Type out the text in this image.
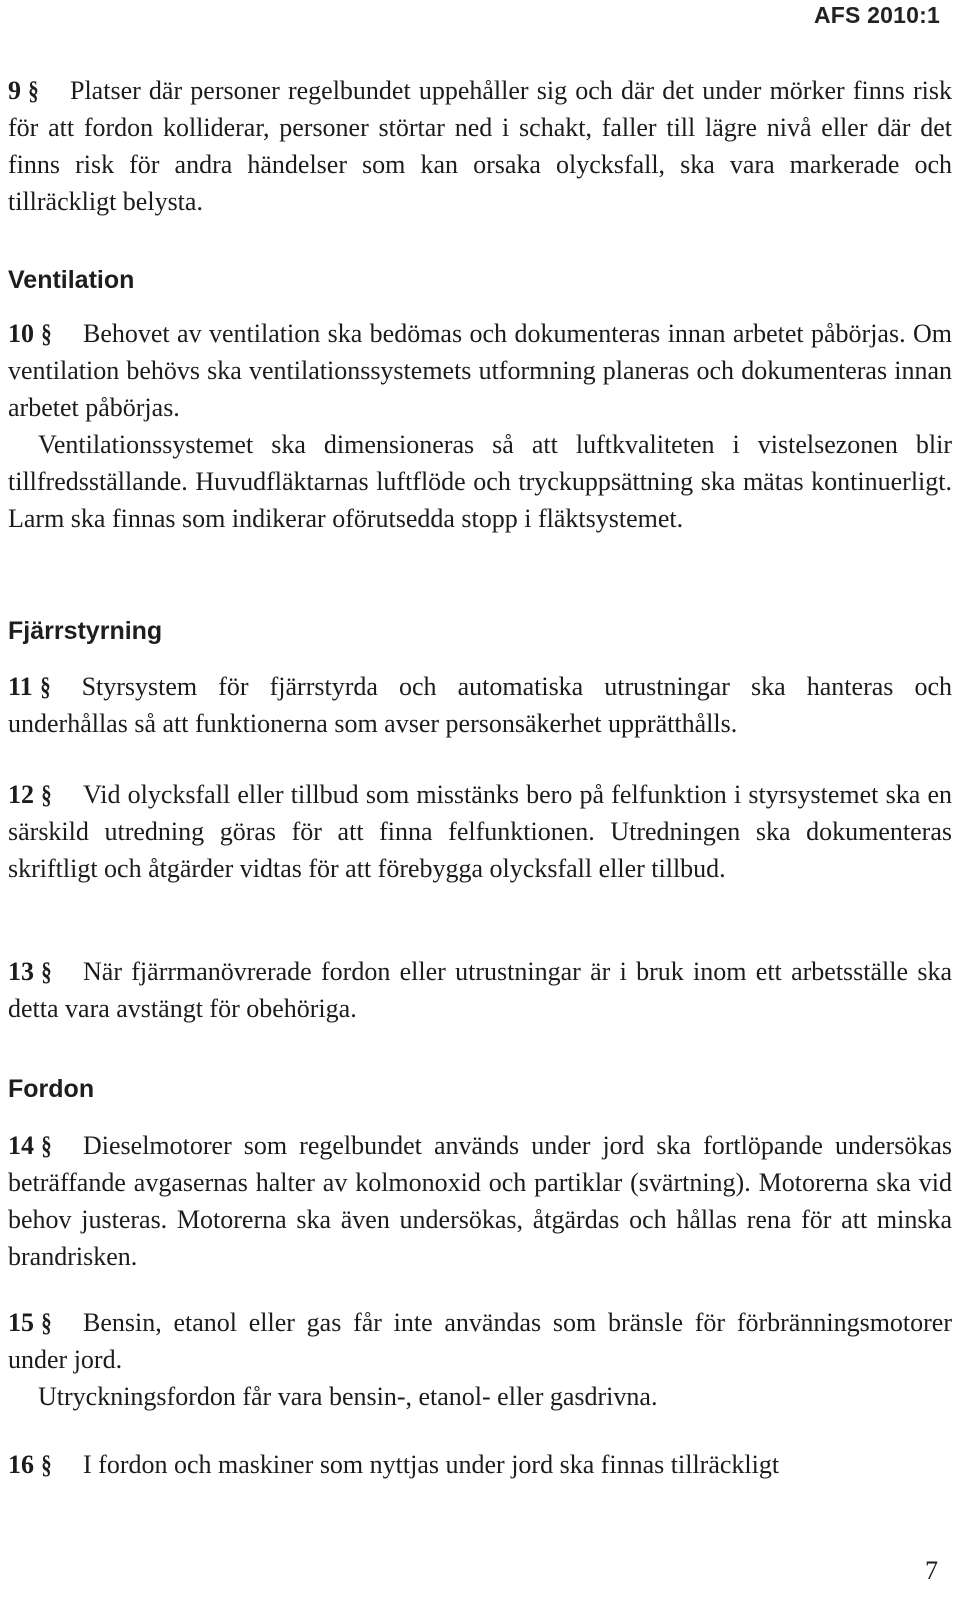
AFS 2010:1
9 § Platser där personer regelbundet uppehåller sig och där det under mörker finns risk för att fordon kolliderar, personer störtar ned i schakt, faller till lägre nivå eller där det finns risk för andra händelser som kan orsaka olycksfall, ska vara markerade och tillräckligt belysta.
Ventilation
10 § Behovet av ventilation ska bedömas och dokumenteras innan arbetet påbörjas. Om ventilation behövs ska ventilationssystemets utformning planeras och dokumenteras innan arbetet påbörjas.
Ventilationssystemet ska dimensioneras så att luftkvaliteten i vistelsezonen blir tillfredsställande. Huvudfläktarnas luftflöde och tryckuppsättning ska mätas kontinuerligt. Larm ska finnas som indikerar oförutsedda stopp i fläktsystemet.
Fjärrstyrning
11 § Styrsystem för fjärrstyrda och automatiska utrustningar ska hanteras och underhållas så att funktionerna som avser personsäkerhet upprätthålls.
12 § Vid olycksfall eller tillbud som misstänks bero på felfunktion i styrsystemet ska en särskild utredning göras för att finna felfunktionen. Utredningen ska dokumenteras skriftligt och åtgärder vidtas för att förebygga olycksfall eller tillbud.
13 § När fjärrmanövrerade fordon eller utrustningar är i bruk inom ett arbetsställe ska detta vara avstängt för obehöriga.
Fordon
14 § Dieselmotorer som regelbundet används under jord ska fortlöpande undersökas beträffande avgasernas halter av kolmonoxid och partiklar (svärtning). Motorerna ska vid behov justeras. Motorerna ska även undersökas, åtgärdas och hållas rena för att minska brandrisken.
15 § Bensin, etanol eller gas får inte användas som bränsle för förbränningsmotorer under jord.
Utryckningsfordon får vara bensin-, etanol- eller gasdrivna.
16 § I fordon och maskiner som nyttjas under jord ska finnas tillräckligt
7
